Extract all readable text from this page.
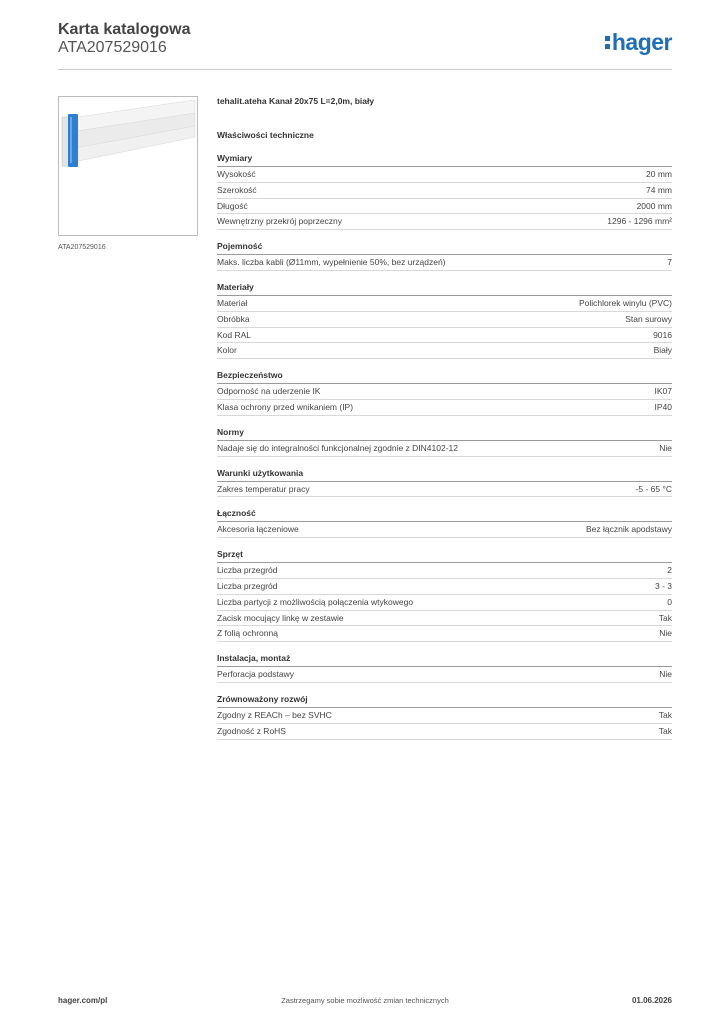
Karta katalogowa
ATA207529016	hager
ATA207529016
tehalit.ateha Kanał 20x75 L=2,0m, biały
Właściwości techniczne
Wymiary
Wysokość	20 mm
Szerokość	74 mm
Długość	2000 mm
Wewnętrzny przekrój poprzeczny	1296 - 1296 mm²
Pojemność
Maks. liczba kabli (Ø11mm, wypełnienie 50%, bez urządzeń)	7
Materiały
Materiał	Polichlorek winylu (PVC)
Obróbka	Stan surowy
Kod RAL	9016
Kolor	Biały
Bezpieczeństwo
Odporność na uderzenie IK	IK07
Klasa ochrony przed wnikaniem (IP)	IP40
Normy
Nadaje się do integralności funkcjonalnej zgodnie z DIN4102-12	Nie
Warunki użytkowania
Zakres temperatur pracy	-5 - 65 °C
Łączność
Akcesoria łączeniowe	Bez łącznik apodstawy
Sprzęt
Liczba przegród	2
Liczba przegród	3 - 3
Liczba partycji z możliwością połączenia wtykowego	0
Zacisk mocujący linkę w zestawie	Tak
Z folią ochronną	Nie
Instalacja, montaż
Perforacja podstawy	Nie
Zrównoważony rozwój
Zgodny z REACh – bez SVHC	Tak
Zgodność z RoHS	Tak
hager.com/pl	Zastrzegamy sobie możliwość zmian technicznych	01.06.2026
